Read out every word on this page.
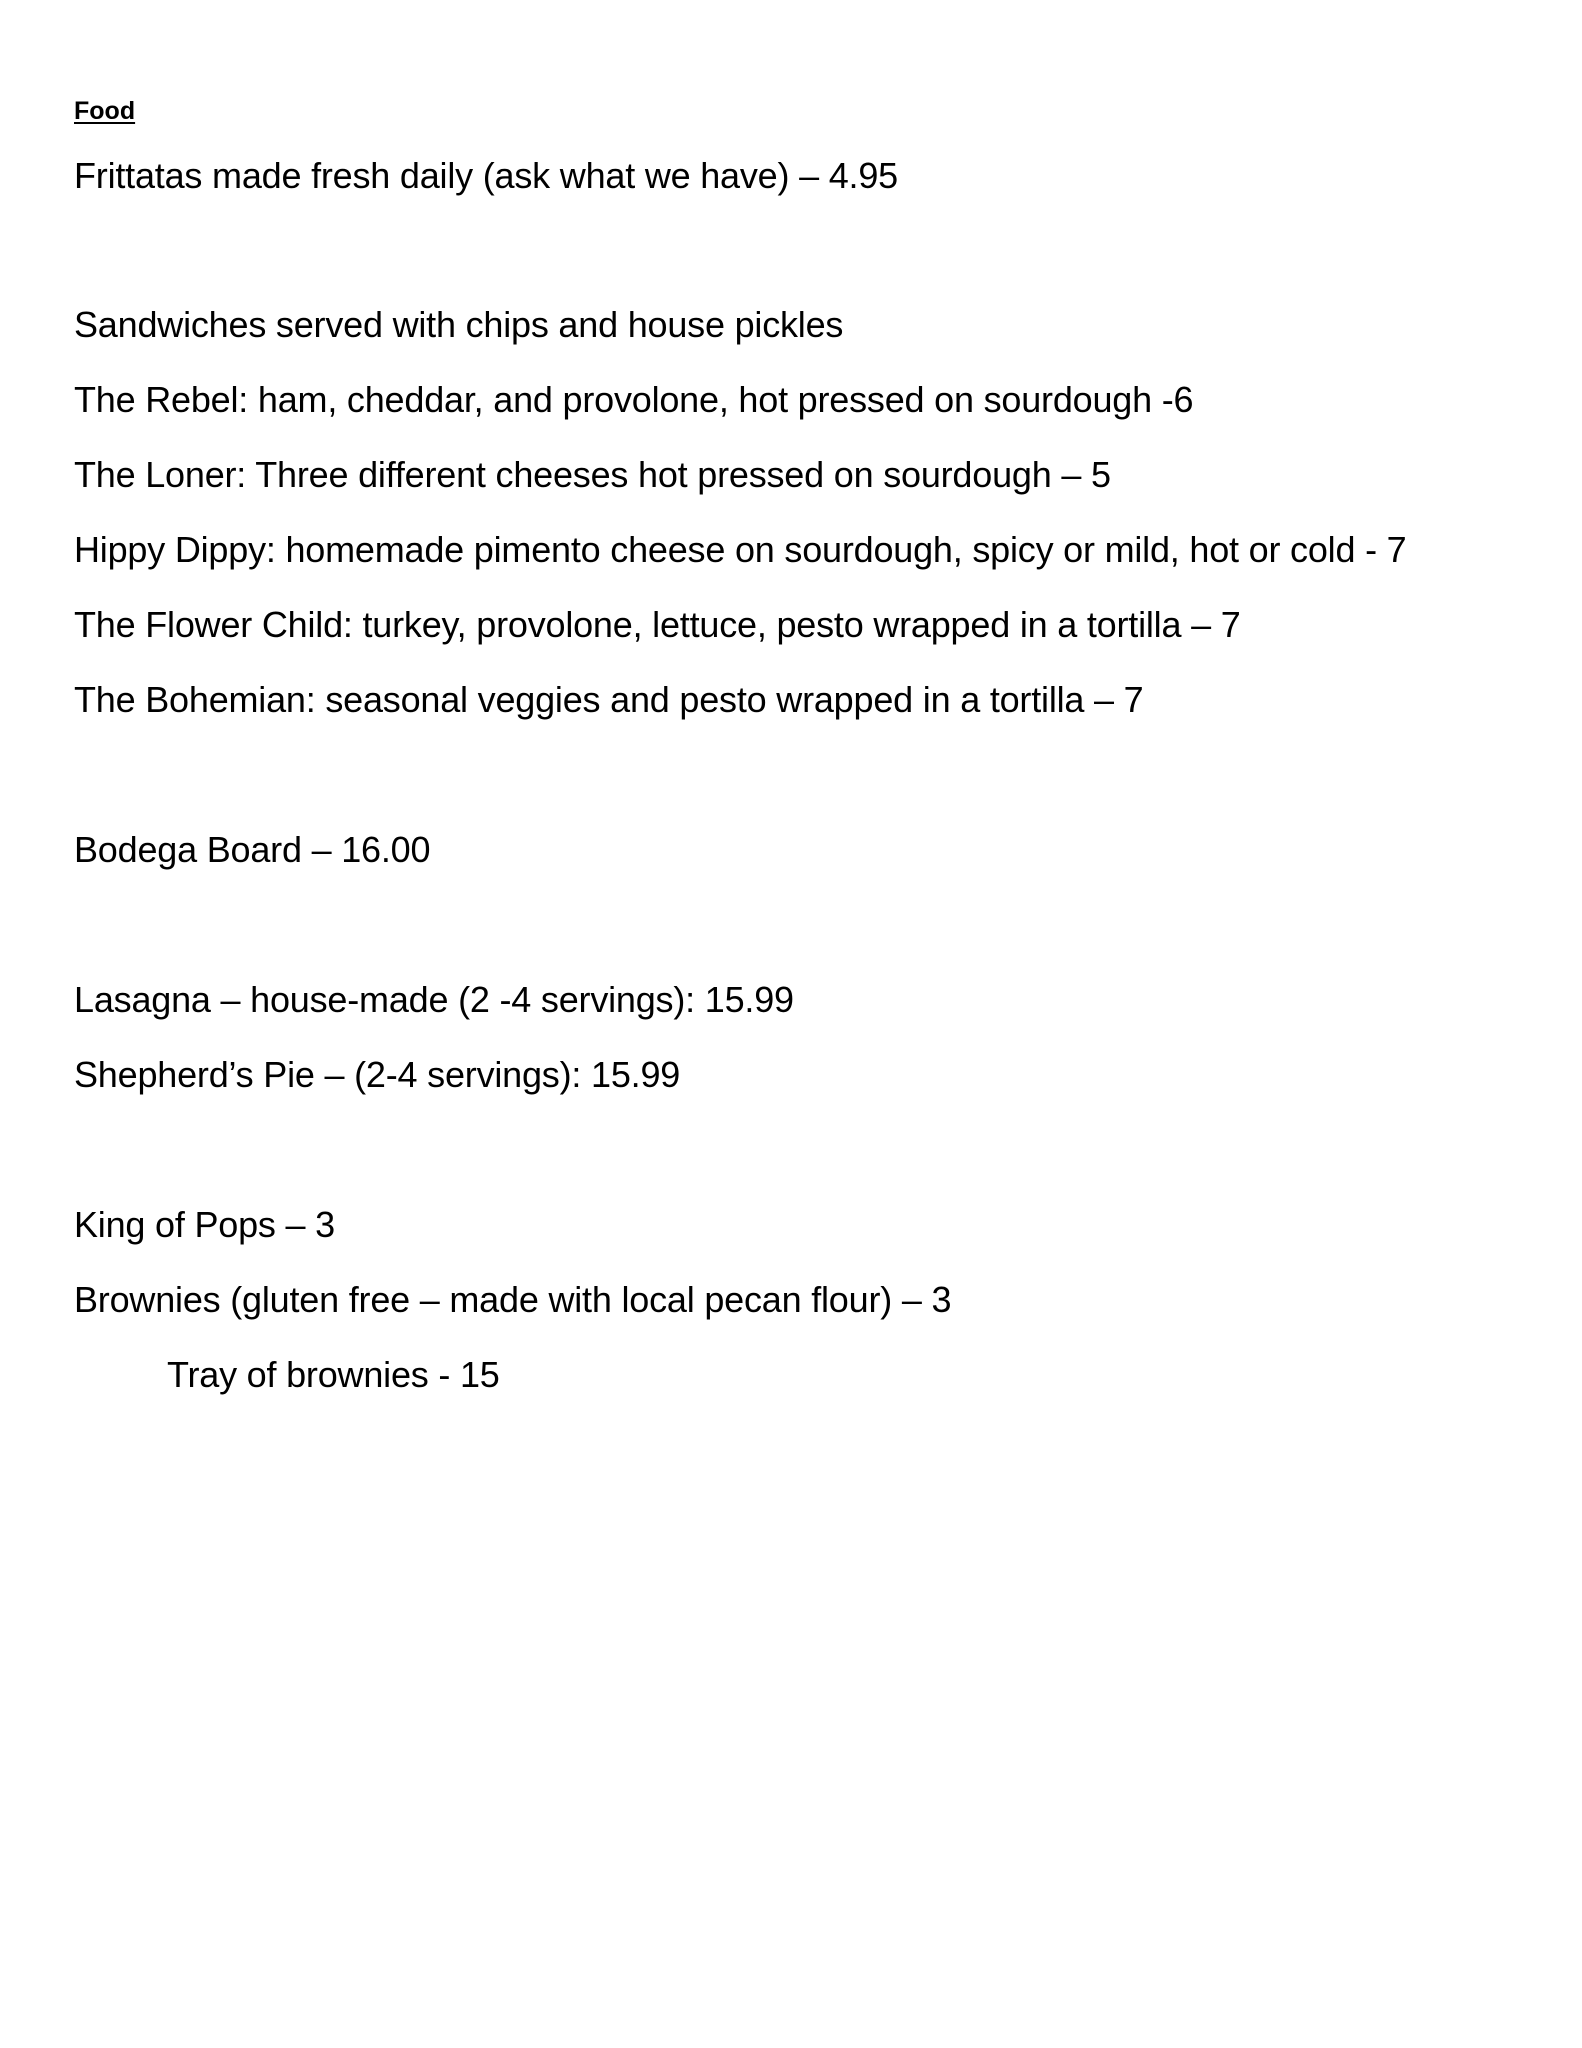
Food
Frittatas made fresh daily (ask what we have) – 4.95
Sandwiches served with chips and house pickles
The Rebel: ham, cheddar, and provolone, hot pressed on sourdough -6
The Loner: Three different cheeses hot pressed on sourdough – 5
Hippy Dippy: homemade pimento cheese on sourdough, spicy or mild, hot or cold - 7
The Flower Child: turkey, provolone, lettuce, pesto wrapped in a tortilla – 7
The Bohemian: seasonal veggies and pesto wrapped in a tortilla – 7
Bodega Board – 16.00
Lasagna – house-made (2 -4 servings): 15.99
Shepherd’s Pie – (2-4 servings): 15.99
King of Pops – 3
Brownies (gluten free – made with local pecan flour) – 3
Tray of brownies - 15
